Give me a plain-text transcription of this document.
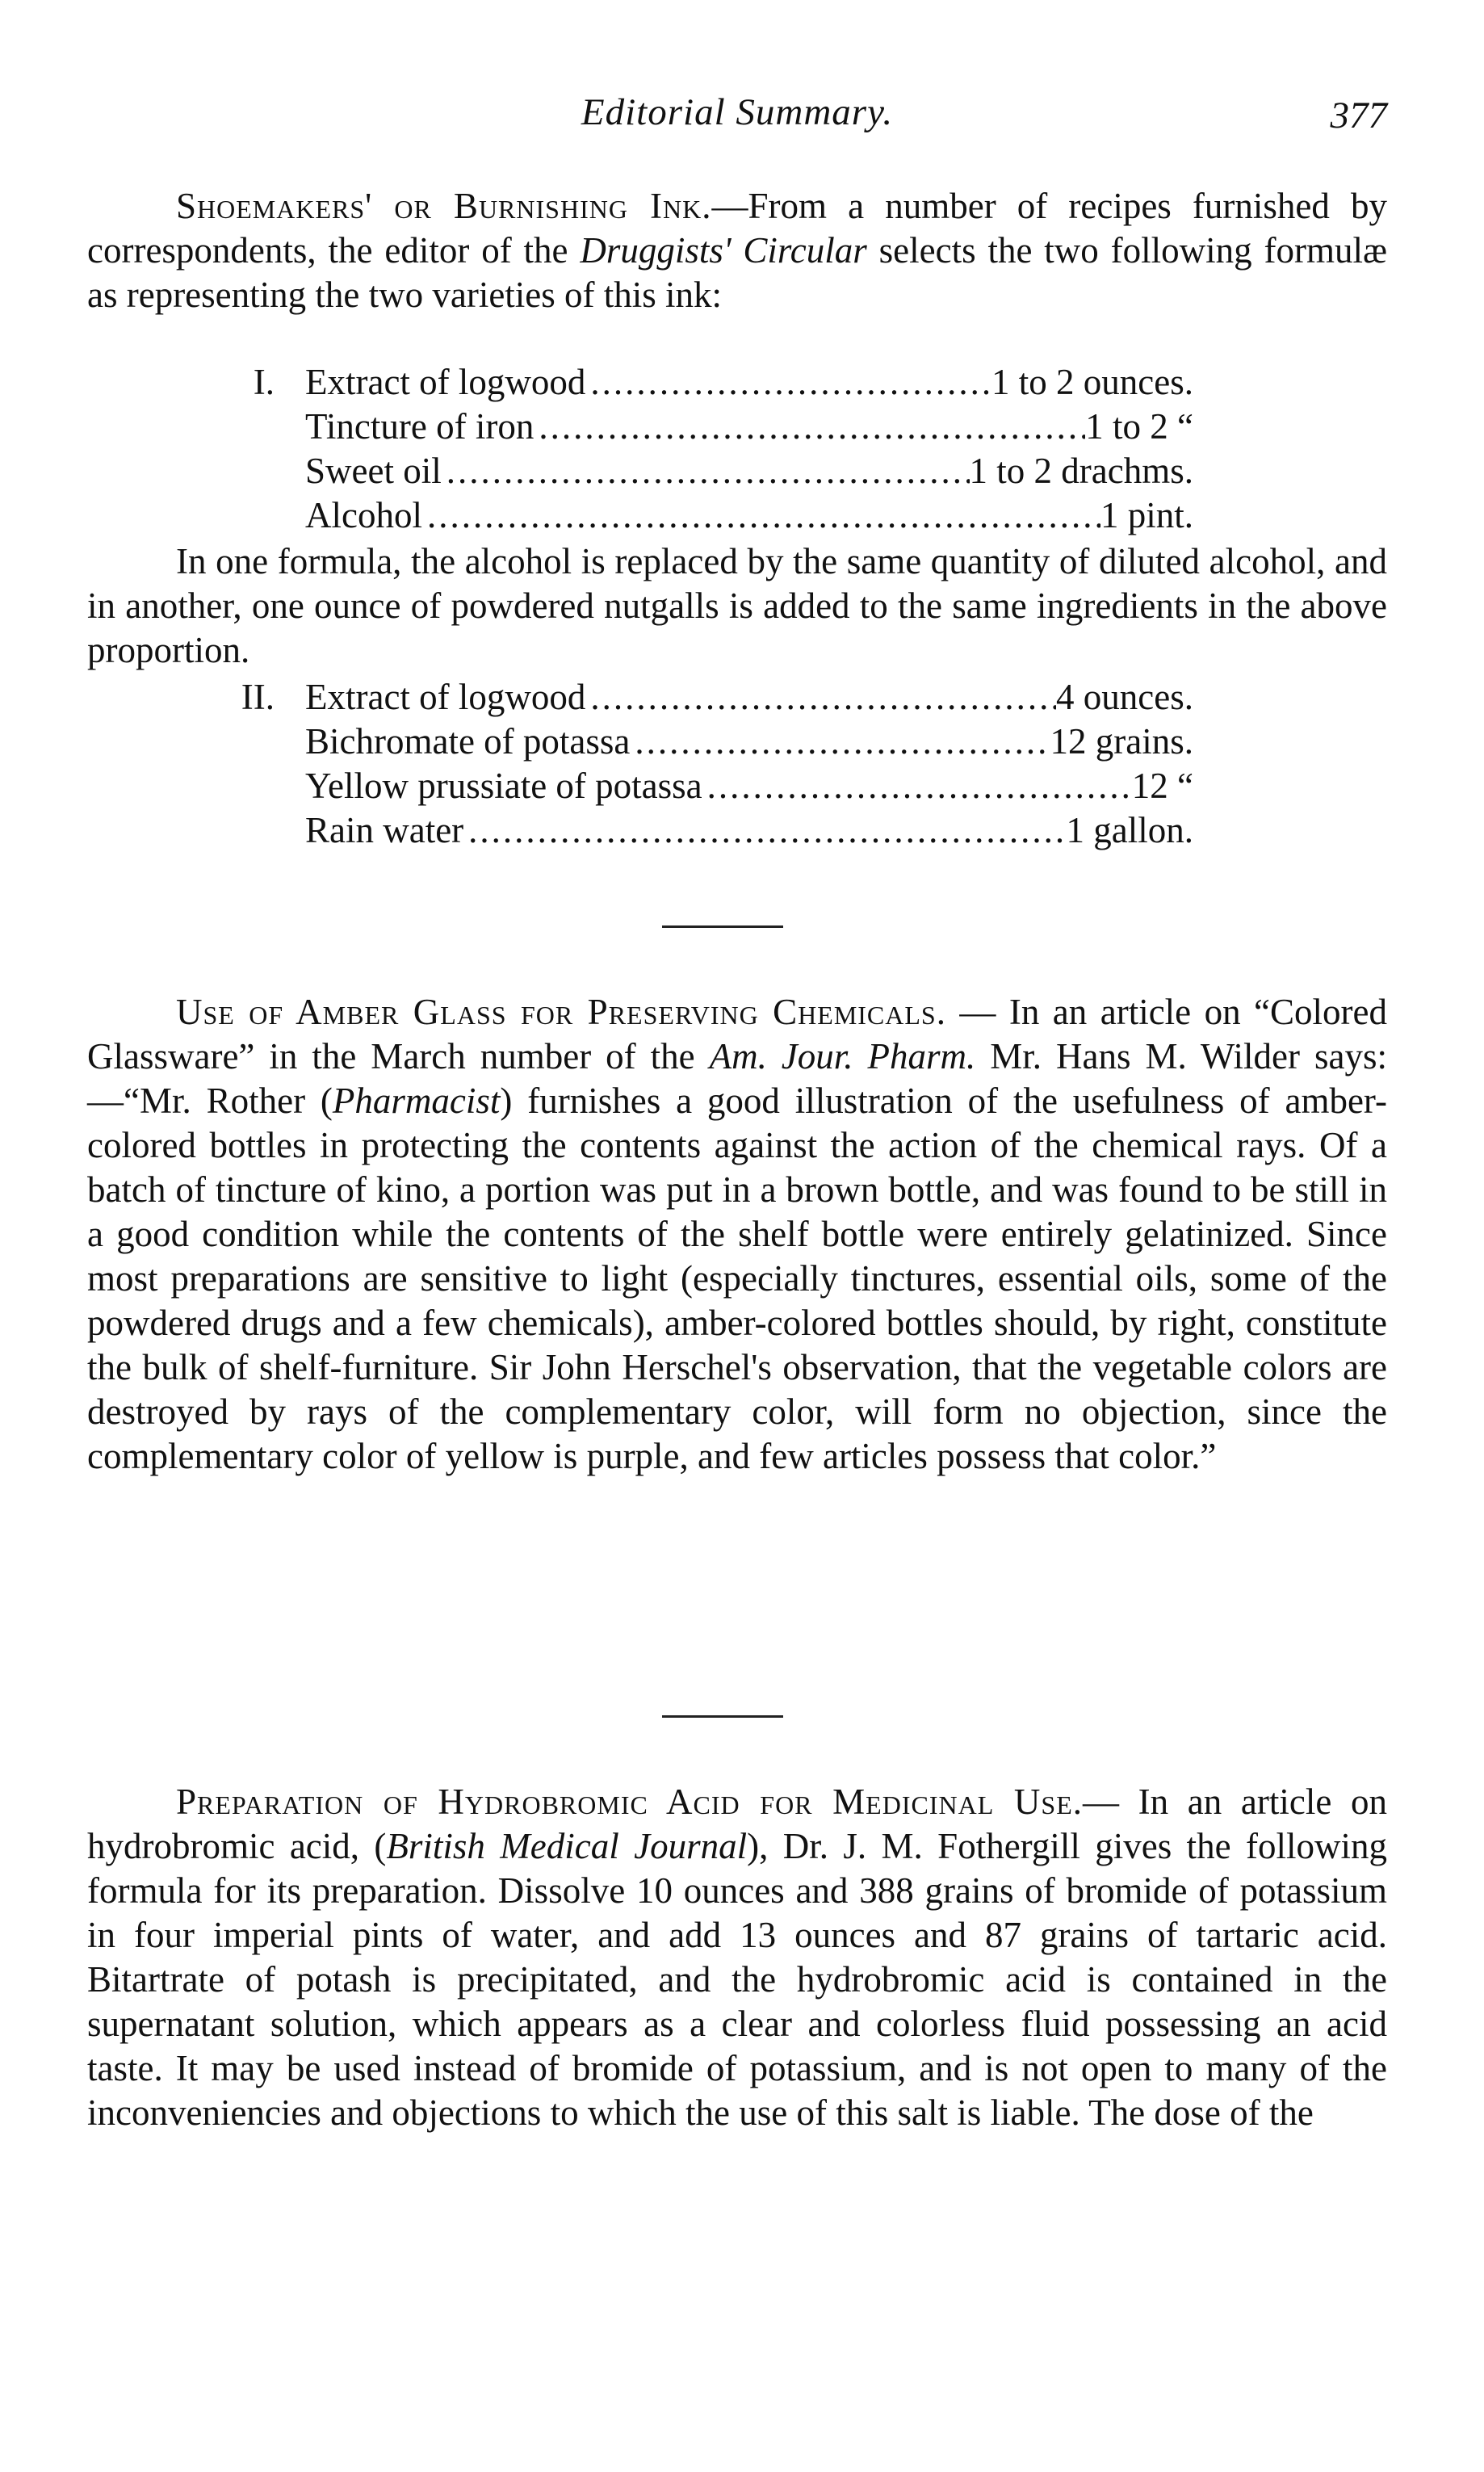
Editorial Summary.	377

Shoemakers' or Burnishing Ink.—From a number of recipes furnished by correspondents, the editor of the Druggists' Circular selects the two following formulæ as representing the two varieties of this ink:

I. Extract of logwood .....	1 to 2 ounces.
Tincture of iron .....	1 to 2 “
Sweet oil .....	1 to 2 drachms.
Alcohol .....	1 pint.

In one formula, the alcohol is replaced by the same quantity of diluted alcohol, and in another, one ounce of powdered nutgalls is added to the same ingredients in the above proportion.

II. Extract of logwood .....	4 ounces.
Bichromate of potassa .....	12 grains.
Yellow prussiate of potassa .....	12 “
Rain water .....	1 gallon.

Use of Amber Glass for Preserving Chemicals. — In an article on “Colored Glassware” in the March number of the Am. Jour. Pharm. Mr. Hans M. Wilder says:—“Mr. Rother (Pharmacist) furnishes a good illustration of the usefulness of amber-colored bottles in protecting the contents against the action of the chemical rays. Of a batch of tincture of kino, a portion was put in a brown bottle, and was found to be still in a good condition while the contents of the shelf bottle were entirely gelatinized. Since most preparations are sensitive to light (especially tinctures, essential oils, some of the powdered drugs and a few chemicals), amber-colored bottles should, by right, constitute the bulk of shelf-furniture. Sir John Herschel's observation, that the vegetable colors are destroyed by rays of the complementary color, will form no objection, since the complementary color of yellow is purple, and few articles possess that color.”

Preparation of Hydrobromic Acid for Medicinal Use.— In an article on hydrobromic acid, (British Medical Journal), Dr. J. M. Fothergill gives the following formula for its preparation. Dissolve 10 ounces and 388 grains of bromide of potassium in four imperial pints of water, and add 13 ounces and 87 grains of tartaric acid. Bitartrate of potash is precipitated, and the hydrobromic acid is contained in the supernatant solution, which appears as a clear and colorless fluid possessing an acid taste. It may be used instead of bromide of potassium, and is not open to many of the inconveniencies and objections to which the use of this salt is liable. The dose of the
